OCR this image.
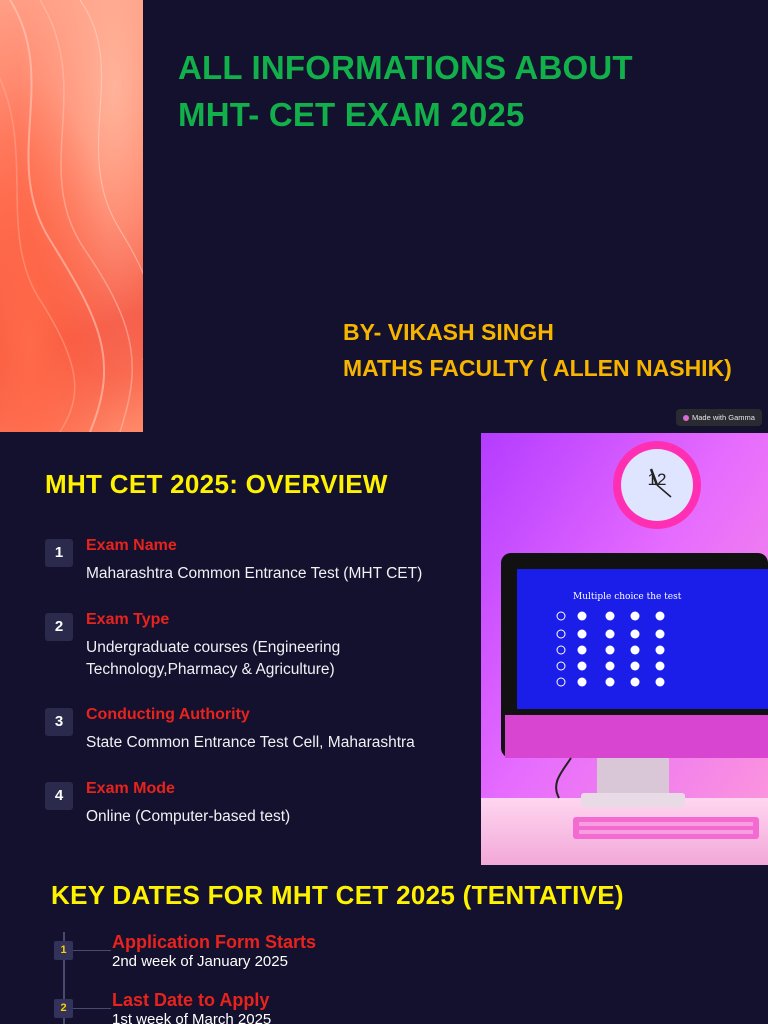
ALL INFORMATIONS ABOUT
MHT- CET EXAM 2025

BY- VIKASH SINGH
MATHS FACULTY ( ALLEN NASHIK)

Made with Gamma
MHT CET 2025: OVERVIEW
1	Exam Name
Maharashtra Common Entrance Test (MHT CET)
2	Exam Type
Undergraduate courses (Engineering
Technology,Pharmacy & Agriculture)
3	Conducting Authority
State Common Entrance Test Cell, Maharashtra
4	Exam Mode
Online (Computer-based test)
12
Multiple choice the test
KEY DATES FOR MHT CET 2025 (TENTATIVE)
1	Application Form Starts
2nd week of January 2025
2	Last Date to Apply
1st week of March 2025
